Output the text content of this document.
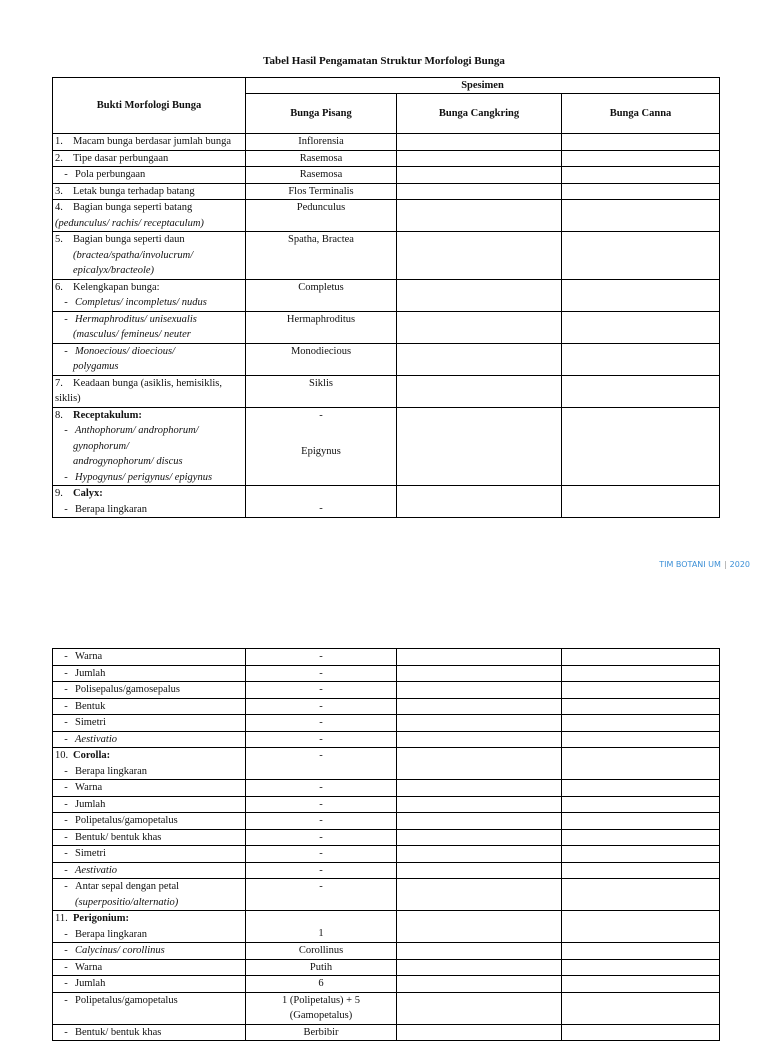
Tabel Hasil Pengamatan Struktur Morfologi Bunga
Bukti Morfologi Bunga	Spesimen		
	Bunga Pisang	Bunga Cangkring	Bunga Canna
1. Macam bunga berdasar jumlah bunga	Inflorensia		
2. Tipe dasar perbungaan	Rasemosa		
- Pola perbungaan	Rasemosa		
3. Letak bunga terhadap batang	Flos Terminalis		
4. Bagian bunga seperti batang
(pedunculus/ rachis/ receptaculum)	Pedunculus		
5. Bagian bunga seperti daun
(bractea/spatha/involucrum/
epicalyx/bracteole)	Spatha, Bractea		
6. Kelengkapan bunga:
- Completus/ incompletus/ nudus	Completus		
- Hermaphroditus/ unisexualis
(masculus/ femineus/ neuter	Hermaphroditus		
- Monoecious/ dioecious/
polygamus	Monodiecious		
7. Keadaan bunga (asiklis, hemisiklis, siklis)	Siklis		
8. Receptakulum:
- Anthophorum/ androphorum/
gynophorum/
androgynophorum/ discus
- Hypogynus/ perigynus/ epigynus	-
Epigynus		

9. Calyx:
- Berapa lingkaran	-		

TIM BOTANI UM | 2020
- Warna	-		
- Jumlah	-		
- Polisepalus/gamosepalus	-		
- Bentuk	-		
- Simetri	-		
- Aestivatio	-		
10. Corolla:
- Berapa lingkaran	-		

- Warna	-		
- Jumlah	-		
- Polipetalus/gamopetalus	-		
- Bentuk/ bentuk khas	-		
- Simetri	-		
- Aestivatio	-		
- Antar sepal dengan petal
(superpositio/alternatio)	-		
11. Perigonium:
- Berapa lingkaran	1		

- Calycinus/ corollinus	Corollinus		
- Warna	Putih		
- Jumlah	6		
- Polipetalus/gamopetalus	1 (Polipetalus) + 5
(Gamopetalus)		

- Bentuk/ bentuk khas	Berbibir		
